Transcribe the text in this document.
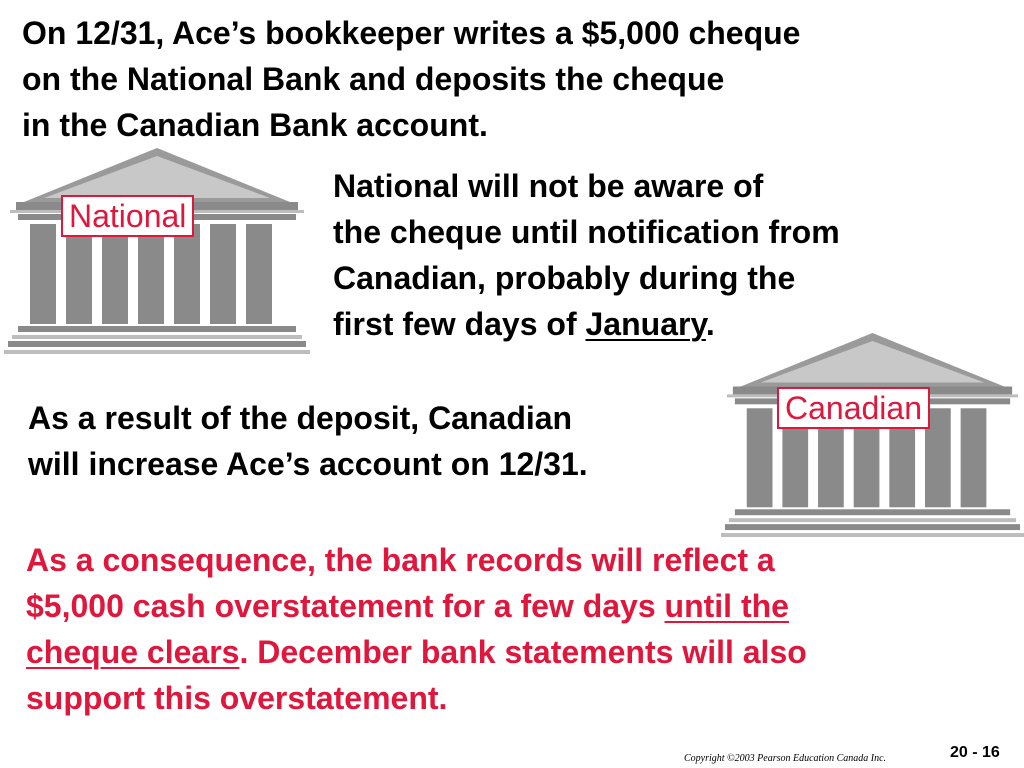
On 12/31, Ace’s bookkeeper writes a $5,000 cheque
on the National Bank and deposits the cheque
in the Canadian Bank account.
National
National will not be aware of
the cheque until notification from
Canadian, probably during the
first few days of January.
Canadian
As a result of the deposit, Canadian
will increase Ace’s account on 12/31.
As a consequence, the bank records will reflect a
$5,000 cash overstatement for a few days until the
cheque clears. December bank statements will also
support this overstatement.
Copyright ©2003 Pearson Education Canada Inc.	20 - 16
